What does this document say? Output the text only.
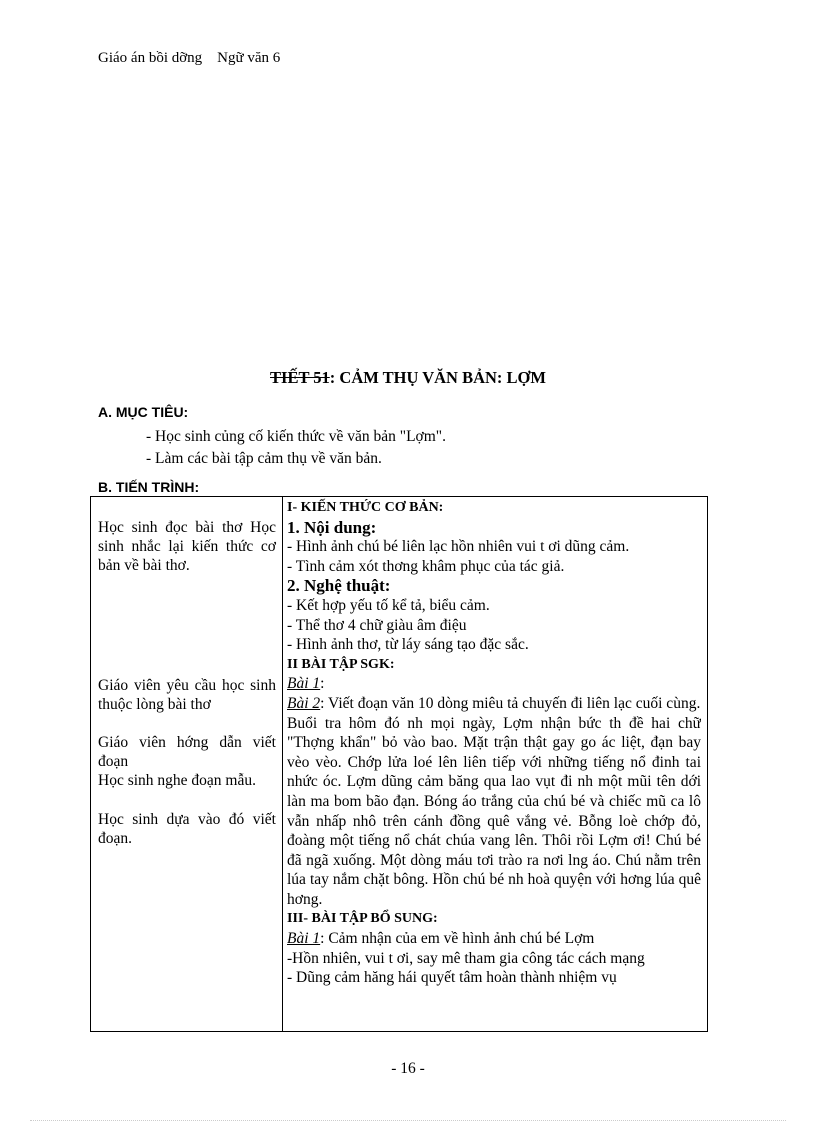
Giáo án bồi dỡng    Ngữ văn 6
TIẾT 51: CẢM THỤ VĂN BẢN: LỢM
A. MỤC TIÊU:
- Học sinh củng cố kiến thức về văn bản "Lợm".
- Làm các bài tập cảm thụ về văn bản.
B. TIẾN TRÌNH:
Học sinh đọc bài thơ Học sinh nhắc lại kiến thức cơ bản về bài thơ.
Giáo viên yêu cầu học sinh thuộc lòng bài thơ
Giáo viên hớng dẫn viết đoạn
Học sinh nghe đoạn mẫu.
Học sinh dựa vào đó viết đoạn.
I- KIẾN THỨC CƠ BẢN:
1. Nội dung:
- Hình ảnh chú bé liên lạc hồn nhiên vui t ơi dũng cảm.
- Tình cảm xót thơng khâm phục của tác giả.
2. Nghệ thuật:
- Kết hợp yếu tố kể tả, biểu cảm.
- Thể thơ 4 chữ giàu âm điệu
- Hình ảnh thơ, từ láy sáng tạo đặc sắc.
II BÀI TẬP SGK:
Bài 1:
Bài 2: Viết đoạn văn 10 dòng miêu tả chuyến đi liên lạc cuối cùng.
Buổi tra hôm đó nh mọi ngày, Lợm nhận bức th đề hai chữ "Thợng khẩn" bỏ vào bao. Mặt trận thật gay go ác liệt, đạn bay vèo vèo. Chớp lửa loé lên liên tiếp với những tiếng nổ đinh tai nhức óc. Lợm dũng cảm băng qua lao vụt đi nh một mũi tên dới làn ma bom bão đạn. Bóng áo trắng của chú bé và chiếc mũ ca lô vẫn nhấp nhô trên cánh đồng quê vắng vẻ. Bỗng loè chớp đỏ, đoàng một tiếng nổ chát chúa vang lên. Thôi rồi Lợm ơi! Chú bé đã ngã xuống. Một dòng máu tơi trào ra nơi lng áo. Chú nằm trên lúa tay nắm chặt bông. Hồn chú bé nh hoà quyện với hơng lúa quê hơng.
III- BÀI TẬP BỔ SUNG:
Bài 1: Cảm nhận của em về hình ảnh chú bé Lợm
-Hồn nhiên, vui t ơi, say mê tham gia công tác cách mạng
- Dũng cảm hăng hái quyết tâm hoàn thành nhiệm vụ
- 16 -
